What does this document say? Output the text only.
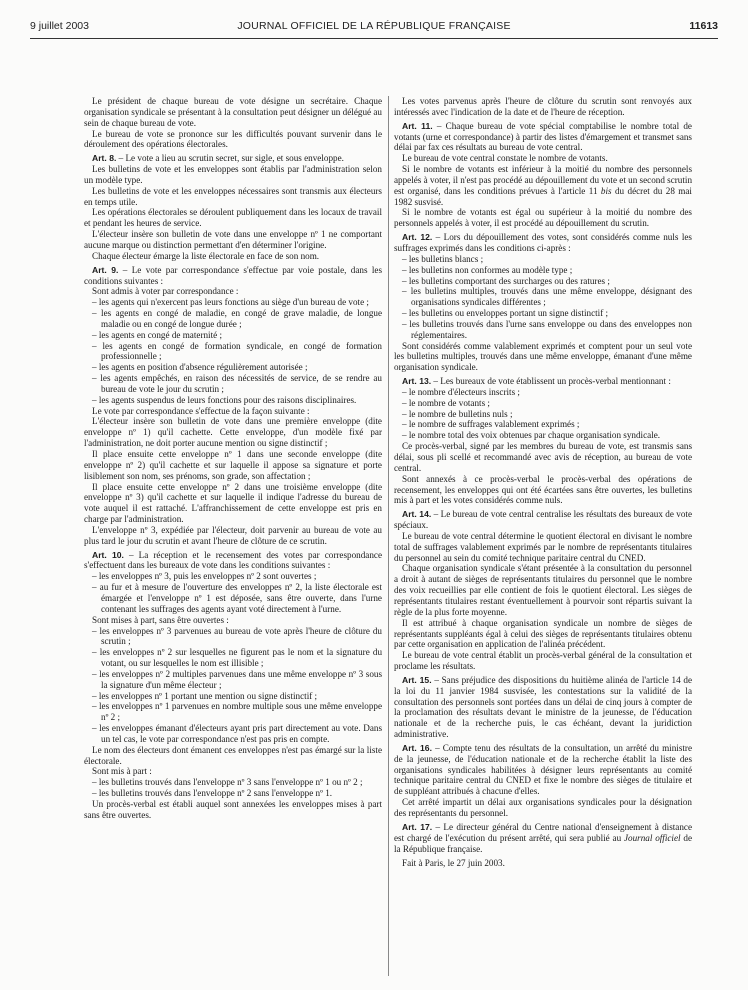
9 juillet 2003	JOURNAL OFFICIEL DE LA RÉPUBLIQUE FRANÇAISE	11613

Le président de chaque bureau de vote désigne un secrétaire. Chaque organisation syndicale se présentant à la consultation peut désigner un délégué au sein de chaque bureau de vote.

Le bureau de vote se prononce sur les difficultés pouvant survenir dans le déroulement des opérations électorales.

Art. 8. – Le vote a lieu au scrutin secret, sur sigle, et sous enveloppe.

Les bulletins de vote et les enveloppes sont établis par l'administration selon un modèle type.

Les bulletins de vote et les enveloppes nécessaires sont transmis aux électeurs en temps utile.

Les opérations électorales se déroulent publiquement dans les locaux de travail et pendant les heures de service.

L'électeur insère son bulletin de vote dans une enveloppe nº 1 ne comportant aucune marque ou distinction permettant d'en déterminer l'origine.

Chaque électeur émarge la liste électorale en face de son nom.

Art. 9. – Le vote par correspondance s'effectue par voie postale, dans les conditions suivantes :

Sont admis à voter par correspondance :

– les agents qui n'exercent pas leurs fonctions au siège d'un bureau de vote ;
– les agents en congé de maladie, en congé de grave maladie, de longue maladie ou en congé de longue durée ;
– les agents en congé de maternité ;
– les agents en congé de formation syndicale, en congé de formation professionnelle ;
– les agents en position d'absence régulièrement autorisée ;
– les agents empêchés, en raison des nécessités de service, de se rendre au bureau de vote le jour du scrutin ;
– les agents suspendus de leurs fonctions pour des raisons disciplinaires.

Le vote par correspondance s'effectue de la façon suivante :

L'électeur insère son bulletin de vote dans une première enveloppe (dite enveloppe nº 1) qu'il cachette. Cette enveloppe, d'un modèle fixé par l'administration, ne doit porter aucune mention ou signe distinctif ;

Il place ensuite cette enveloppe nº 1 dans une seconde enveloppe (dite enveloppe nº 2) qu'il cachette et sur laquelle il appose sa signature et porte lisiblement son nom, ses prénoms, son grade, son affectation ;

Il place ensuite cette enveloppe nº 2 dans une troisième enveloppe (dite enveloppe nº 3) qu'il cachette et sur laquelle il indique l'adresse du bureau de vote auquel il est rattaché. L'affranchissement de cette enveloppe est pris en charge par l'administration.

L'enveloppe nº 3, expédiée par l'électeur, doit parvenir au bureau de vote au plus tard le jour du scrutin et avant l'heure de clôture de ce scrutin.

Art. 10. – La réception et le recensement des votes par correspondance s'effectuent dans les bureaux de vote dans les conditions suivantes :

– les enveloppes nº 3, puis les enveloppes nº 2 sont ouvertes ;
– au fur et à mesure de l'ouverture des enveloppes nº 2, la liste électorale est émargée et l'enveloppe nº 1 est déposée, sans être ouverte, dans l'urne contenant les suffrages des agents ayant voté directement à l'urne.

Sont mises à part, sans être ouvertes :

– les enveloppes nº 3 parvenues au bureau de vote après l'heure de clôture du scrutin ;
– les enveloppes nº 2 sur lesquelles ne figurent pas le nom et la signature du votant, ou sur lesquelles le nom est illisible ;
– les enveloppes nº 2 multiples parvenues dans une même enveloppe nº 3 sous la signature d'un même électeur ;
– les enveloppes nº 1 portant une mention ou signe distinctif ;
– les enveloppes nº 1 parvenues en nombre multiple sous une même enveloppe nº 2 ;
– les enveloppes émanant d'électeurs ayant pris part directement au vote. Dans un tel cas, le vote par correspondance n'est pas pris en compte.

Le nom des électeurs dont émanent ces enveloppes n'est pas émargé sur la liste électorale.

Sont mis à part :

– les bulletins trouvés dans l'enveloppe nº 3 sans l'enveloppe nº 1 ou nº 2 ;
– les bulletins trouvés dans l'enveloppe nº 2 sans l'enveloppe nº 1.

Un procès-verbal est établi auquel sont annexées les enveloppes mises à part sans être ouvertes.

Les votes parvenus après l'heure de clôture du scrutin sont renvoyés aux intéressés avec l'indication de la date et de l'heure de réception.

Art. 11. – Chaque bureau de vote spécial comptabilise le nombre total de votants (urne et correspondance) à partir des listes d'émargement et transmet sans délai par fax ces résultats au bureau de vote central.

Le bureau de vote central constate le nombre de votants.

Si le nombre de votants est inférieur à la moitié du nombre des personnels appelés à voter, il n'est pas procédé au dépouillement du vote et un second scrutin est organisé, dans les conditions prévues à l'article 11 bis du décret du 28 mai 1982 susvisé.

Si le nombre de votants est égal ou supérieur à la moitié du nombre des personnels appelés à voter, il est procédé au dépouillement du scrutin.

Art. 12. – Lors du dépouillement des votes, sont considérés comme nuls les suffrages exprimés dans les conditions ci-après :

– les bulletins blancs ;
– les bulletins non conformes au modèle type ;
– les bulletins comportant des surcharges ou des ratures ;
– les bulletins multiples, trouvés dans une même enveloppe, désignant des organisations syndicales différentes ;
– les bulletins ou enveloppes portant un signe distinctif ;
– les bulletins trouvés dans l'urne sans enveloppe ou dans des enveloppes non réglementaires.

Sont considérés comme valablement exprimés et comptent pour un seul vote les bulletins multiples, trouvés dans une même enveloppe, émanant d'une même organisation syndicale.

Art. 13. – Les bureaux de vote établissent un procès-verbal mentionnant :

– le nombre d'électeurs inscrits ;
– le nombre de votants ;
– le nombre de bulletins nuls ;
– le nombre de suffrages valablement exprimés ;
– le nombre total des voix obtenues par chaque organisation syndicale.

Ce procès-verbal, signé par les membres du bureau de vote, est transmis sans délai, sous pli scellé et recommandé avec avis de réception, au bureau de vote central.

Sont annexés à ce procès-verbal le procès-verbal des opérations de recensement, les enveloppes qui ont été écartées sans être ouvertes, les bulletins mis à part et les votes considérés comme nuls.

Art. 14. – Le bureau de vote central centralise les résultats des bureaux de vote spéciaux.

Le bureau de vote central détermine le quotient électoral en divisant le nombre total de suffrages valablement exprimés par le nombre de représentants titulaires du personnel au sein du comité technique paritaire central du CNED.

Chaque organisation syndicale s'étant présentée à la consultation du personnel a droit à autant de sièges de représentants titulaires du personnel que le nombre des voix recueillies par elle contient de fois le quotient électoral. Les sièges de représentants titulaires restant éventuellement à pourvoir sont répartis suivant la règle de la plus forte moyenne.

Il est attribué à chaque organisation syndicale un nombre de sièges de représentants suppléants égal à celui des sièges de représentants titulaires obtenu par cette organisation en application de l'alinéa précédent.

Le bureau de vote central établit un procès-verbal général de la consultation et proclame les résultats.

Art. 15. – Sans préjudice des dispositions du huitième alinéa de l'article 14 de la loi du 11 janvier 1984 susvisée, les contestations sur la validité de la consultation des personnels sont portées dans un délai de cinq jours à compter de la proclamation des résultats devant le ministre de la jeunesse, de l'éducation nationale et de la recherche puis, le cas échéant, devant la juridiction administrative.

Art. 16. – Compte tenu des résultats de la consultation, un arrêté du ministre de la jeunesse, de l'éducation nationale et de la recherche établit la liste des organisations syndicales habilitées à désigner leurs représentants au comité technique paritaire central du CNED et fixe le nombre des sièges de titulaire et de suppléant attribués à chacune d'elles.

Cet arrêté impartit un délai aux organisations syndicales pour la désignation des représentants du personnel.

Art. 17. – Le directeur général du Centre national d'enseignement à distance est chargé de l'exécution du présent arrêté, qui sera publié au Journal officiel de la République française.

Fait à Paris, le 27 juin 2003.
